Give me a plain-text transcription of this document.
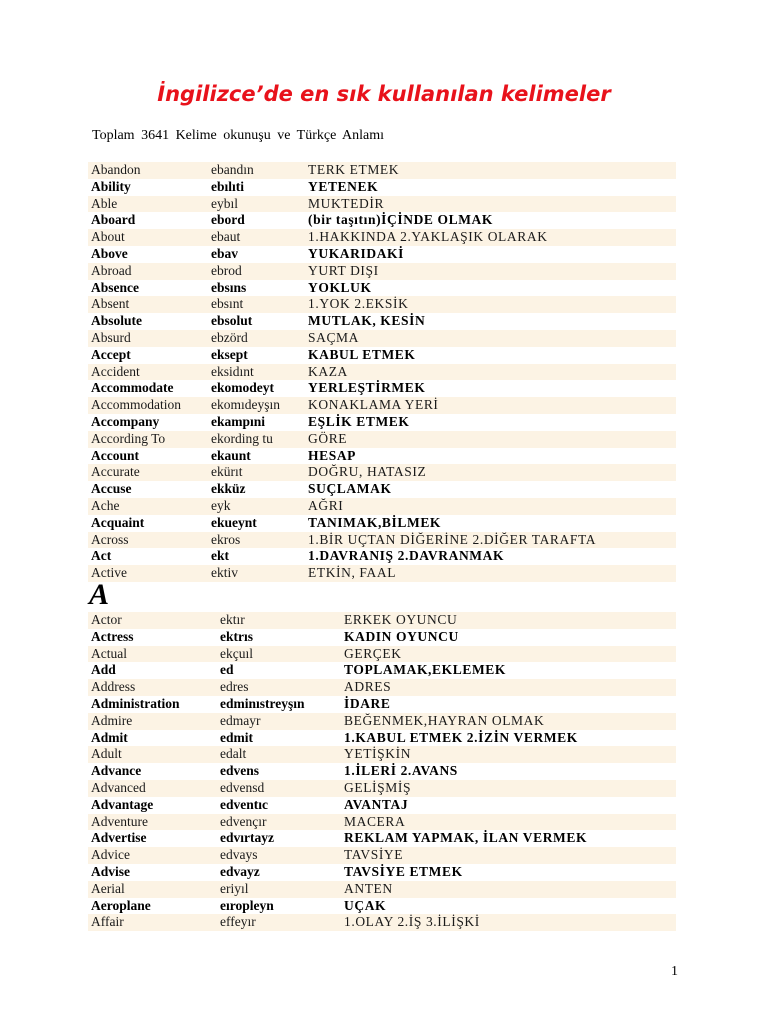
İngilizce’de en sık kullanılan kelimeler

Toplam 3641 Kelime okunuşu ve Türkçe Anlamı

Abandon	ebandın	TERK ETMEK
Ability	ebılıti	YETENEK
Able	eybıl	MUKTEDİR
Aboard	ebord	(bir taşıtın)İÇİNDE OLMAK
About	ebaut	1.HAKKINDA 2.YAKLAŞIK OLARAK
Above	ebav	YUKARIDAKİ
Abroad	ebrod	YURT DIŞI
Absence	ebsıns	YOKLUK
Absent	ebsınt	1.YOK 2.EKSİK
Absolute	ebsolut	MUTLAK, KESİN
Absurd	ebzörd	SAÇMA
Accept	eksept	KABUL ETMEK
Accident	eksidınt	KAZA
Accommodate	ekomodeyt	YERLEŞTİRMEK
Accommodation	ekomıdeyşın	KONAKLAMA YERİ
Accompany	ekampıni	EŞLİK ETMEK
According To	ekording tu	GÖRE
Account	ekaunt	HESAP
Accurate	ekürıt	DOĞRU, HATASIZ
Accuse	ekküz	SUÇLAMAK
Ache	eyk	AĞRI
Acquaint	ekueynt	TANIMAK,BİLMEK
Across	ekros	1.BİR UÇTAN DİĞERİNE 2.DİĞER TARAFTA
Act	ekt	1.DAVRANIŞ 2.DAVRANMAK
Active	ektiv	ETKİN, FAAL

A

Actor	ektır	ERKEK OYUNCU
Actress	ektrıs	KADIN OYUNCU
Actual	ekçuıl	GERÇEK
Add	ed	TOPLAMAK,EKLEMEK
Address	edres	ADRES
Administration	edminıstreyşın	İDARE
Admire	edmayr	BEĞENMEK,HAYRAN OLMAK
Admit	edmit	1.KABUL ETMEK 2.İZİN VERMEK
Adult	edalt	YETİŞKİN
Advance	edvens	1.İLERİ 2.AVANS
Advanced	edvensd	GELİŞMİŞ
Advantage	edventıc	AVANTAJ
Adventure	edvençır	MACERA
Advertise	edvırtayz	REKLAM YAPMAK, İLAN VERMEK
Advice	edvays	TAVSİYE
Advise	edvayz	TAVSİYE ETMEK
Aerial	eriyıl	ANTEN
Aeroplane	eıropleyn	UÇAK
Affair	effeyır	1.OLAY 2.İŞ 3.İLİŞKİ

1
